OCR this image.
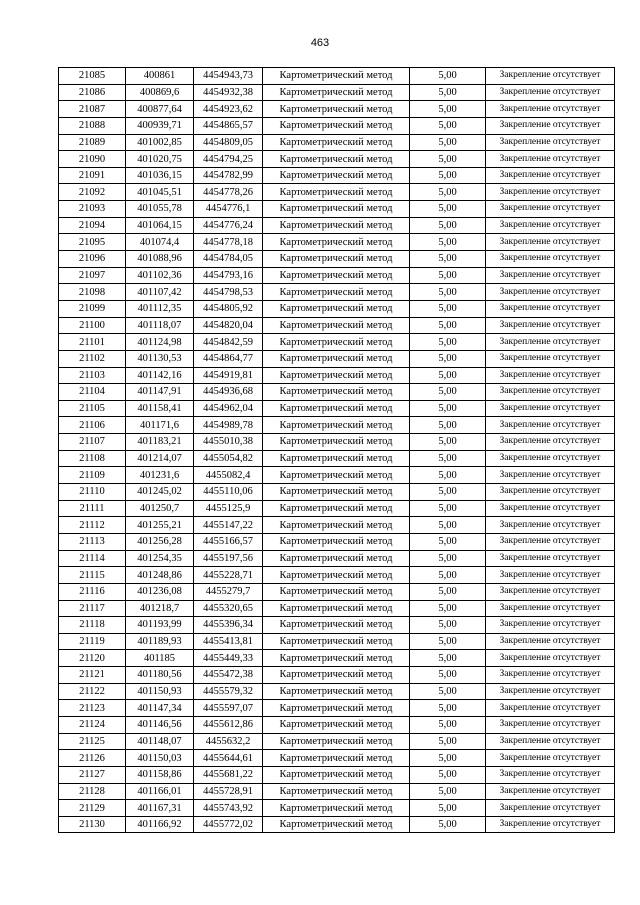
463
21085	400861	4454943,73	Картометрический метод	5,00	Закрепление отсутствует
21086	400869,6	4454932,38	Картометрический метод	5,00	Закрепление отсутствует
21087	400877,64	4454923,62	Картометрический метод	5,00	Закрепление отсутствует
21088	400939,71	4454865,57	Картометрический метод	5,00	Закрепление отсутствует
21089	401002,85	4454809,05	Картометрический метод	5,00	Закрепление отсутствует
21090	401020,75	4454794,25	Картометрический метод	5,00	Закрепление отсутствует
21091	401036,15	4454782,99	Картометрический метод	5,00	Закрепление отсутствует
21092	401045,51	4454778,26	Картометрический метод	5,00	Закрепление отсутствует
21093	401055,78	4454776,1	Картометрический метод	5,00	Закрепление отсутствует
21094	401064,15	4454776,24	Картометрический метод	5,00	Закрепление отсутствует
21095	401074,4	4454778,18	Картометрический метод	5,00	Закрепление отсутствует
21096	401088,96	4454784,05	Картометрический метод	5,00	Закрепление отсутствует
21097	401102,36	4454793,16	Картометрический метод	5,00	Закрепление отсутствует
21098	401107,42	4454798,53	Картометрический метод	5,00	Закрепление отсутствует
21099	401112,35	4454805,92	Картометрический метод	5,00	Закрепление отсутствует
21100	401118,07	4454820,04	Картометрический метод	5,00	Закрепление отсутствует
21101	401124,98	4454842,59	Картометрический метод	5,00	Закрепление отсутствует
21102	401130,53	4454864,77	Картометрический метод	5,00	Закрепление отсутствует
21103	401142,16	4454919,81	Картометрический метод	5,00	Закрепление отсутствует
21104	401147,91	4454936,68	Картометрический метод	5,00	Закрепление отсутствует
21105	401158,41	4454962,04	Картометрический метод	5,00	Закрепление отсутствует
21106	401171,6	4454989,78	Картометрический метод	5,00	Закрепление отсутствует
21107	401183,21	4455010,38	Картометрический метод	5,00	Закрепление отсутствует
21108	401214,07	4455054,82	Картометрический метод	5,00	Закрепление отсутствует
21109	401231,6	4455082,4	Картометрический метод	5,00	Закрепление отсутствует
21110	401245,02	4455110,06	Картометрический метод	5,00	Закрепление отсутствует
21111	401250,7	4455125,9	Картометрический метод	5,00	Закрепление отсутствует
21112	401255,21	4455147,22	Картометрический метод	5,00	Закрепление отсутствует
21113	401256,28	4455166,57	Картометрический метод	5,00	Закрепление отсутствует
21114	401254,35	4455197,56	Картометрический метод	5,00	Закрепление отсутствует
21115	401248,86	4455228,71	Картометрический метод	5,00	Закрепление отсутствует
21116	401236,08	4455279,7	Картометрический метод	5,00	Закрепление отсутствует
21117	401218,7	4455320,65	Картометрический метод	5,00	Закрепление отсутствует
21118	401193,99	4455396,34	Картометрический метод	5,00	Закрепление отсутствует
21119	401189,93	4455413,81	Картометрический метод	5,00	Закрепление отсутствует
21120	401185	4455449,33	Картометрический метод	5,00	Закрепление отсутствует
21121	401180,56	4455472,38	Картометрический метод	5,00	Закрепление отсутствует
21122	401150,93	4455579,32	Картометрический метод	5,00	Закрепление отсутствует
21123	401147,34	4455597,07	Картометрический метод	5,00	Закрепление отсутствует
21124	401146,56	4455612,86	Картометрический метод	5,00	Закрепление отсутствует
21125	401148,07	4455632,2	Картометрический метод	5,00	Закрепление отсутствует
21126	401150,03	4455644,61	Картометрический метод	5,00	Закрепление отсутствует
21127	401158,86	4455681,22	Картометрический метод	5,00	Закрепление отсутствует
21128	401166,01	4455728,91	Картометрический метод	5,00	Закрепление отсутствует
21129	401167,31	4455743,92	Картометрический метод	5,00	Закрепление отсутствует
21130	401166,92	4455772,02	Картометрический метод	5,00	Закрепление отсутствует
